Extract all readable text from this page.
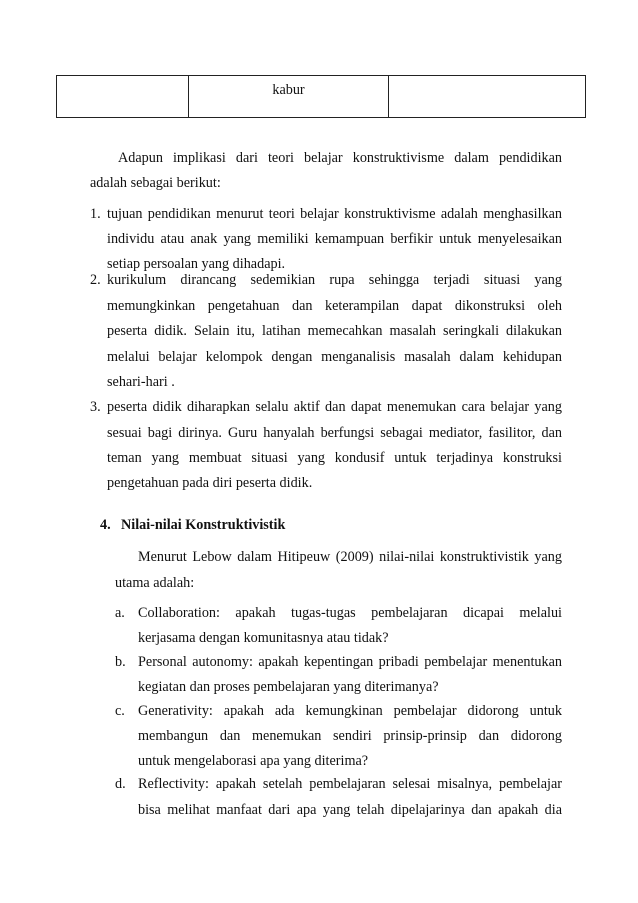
kabur

Adapun implikasi dari teori belajar konstruktivisme dalam pendidikan
adalah sebagai berikut:
1. tujuan pendidikan menurut teori belajar konstruktivisme adalah menghasilkan
individu atau anak yang memiliki kemampuan berfikir untuk menyelesaikan
setiap persoalan yang dihadapi.
2. kurikulum dirancang sedemikian rupa sehingga terjadi situasi yang
memungkinkan pengetahuan dan keterampilan dapat dikonstruksi oleh
peserta didik. Selain itu, latihan memecahkan masalah seringkali dilakukan
melalui belajar kelompok dengan menganalisis masalah dalam kehidupan
sehari-hari .
3. peserta didik diharapkan selalu aktif dan dapat menemukan cara belajar yang
sesuai bagi dirinya. Guru hanyalah berfungsi sebagai mediator, fasilitor, dan
teman yang membuat situasi yang kondusif untuk terjadinya konstruksi
pengetahuan pada diri peserta didik.
4. Nilai-nilai Konstruktivistik
Menurut Lebow dalam Hitipeuw (2009) nilai-nilai konstruktivistik yang
utama adalah:
a. Collaboration: apakah tugas-tugas pembelajaran dicapai melalui
kerjasama dengan komunitasnya atau tidak?
b. Personal autonomy: apakah kepentingan pribadi pembelajar menentukan
kegiatan dan proses pembelajaran yang diterimanya?
c. Generativity: apakah ada kemungkinan pembelajar didorong untuk
membangun dan menemukan sendiri prinsip-prinsip dan didorong
untuk mengelaborasi apa yang diterima?
d. Reflectivity: apakah setelah pembelajaran selesai misalnya, pembelajar
bisa melihat manfaat dari apa yang telah dipelajarinya dan apakah dia
